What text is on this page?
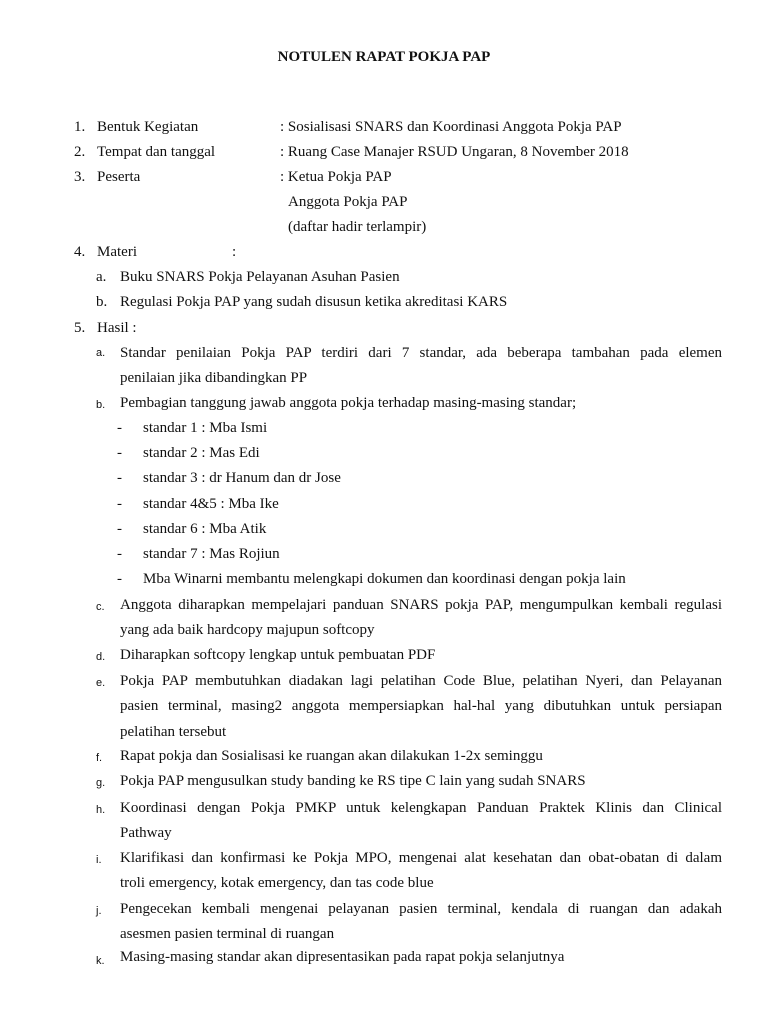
NOTULEN RAPAT POKJA PAP
1. Bentuk Kegiatan	: Sosialisasi SNARS dan Koordinasi Anggota Pokja PAP
2. Tempat dan tanggal	: Ruang Case Manajer RSUD Ungaran, 8 November 2018
3. Peserta	: Ketua Pokja PAP
Anggota Pokja PAP
(daftar hadir terlampir)
4. Materi	:
a. Buku SNARS Pokja Pelayanan Asuhan Pasien
b. Regulasi Pokja PAP yang sudah disusun ketika akreditasi KARS
5. Hasil :
a. Standar penilaian Pokja PAP terdiri dari 7 standar, ada beberapa tambahan pada elemen
penilaian jika dibandingkan PP
b. Pembagian tanggung jawab anggota pokja terhadap masing-masing standar;
- standar 1 : Mba Ismi
- standar 2 : Mas Edi
- standar 3 : dr Hanum dan dr Jose
- standar 4&5 : Mba Ike
- standar 6 : Mba Atik
- standar 7 : Mas Rojiun
- Mba Winarni membantu melengkapi dokumen dan koordinasi dengan pokja lain
c. Anggota diharapkan mempelajari panduan SNARS pokja PAP, mengumpulkan kembali regulasi
yang ada baik hardcopy majupun softcopy
d. Diharapkan softcopy lengkap untuk pembuatan PDF
e. Pokja PAP membutuhkan diadakan lagi pelatihan Code Blue, pelatihan Nyeri, dan Pelayanan
pasien terminal, masing2 anggota mempersiapkan hal-hal yang dibutuhkan untuk persiapan
pelatihan tersebut
f. Rapat pokja dan Sosialisasi ke ruangan akan dilakukan 1-2x seminggu
g. Pokja PAP mengusulkan study banding ke RS tipe C lain yang sudah SNARS
h. Koordinasi dengan Pokja PMKP untuk kelengkapan Panduan Praktek Klinis dan Clinical
Pathway
i. Klarifikasi dan konfirmasi ke Pokja MPO, mengenai alat kesehatan dan obat-obatan di dalam
troli emergency, kotak emergency, dan tas code blue
j. Pengecekan kembali mengenai pelayanan pasien terminal, kendala di ruangan dan adakah
asesmen pasien terminal di ruangan
k. Masing-masing standar akan dipresentasikan pada rapat pokja selanjutnya
